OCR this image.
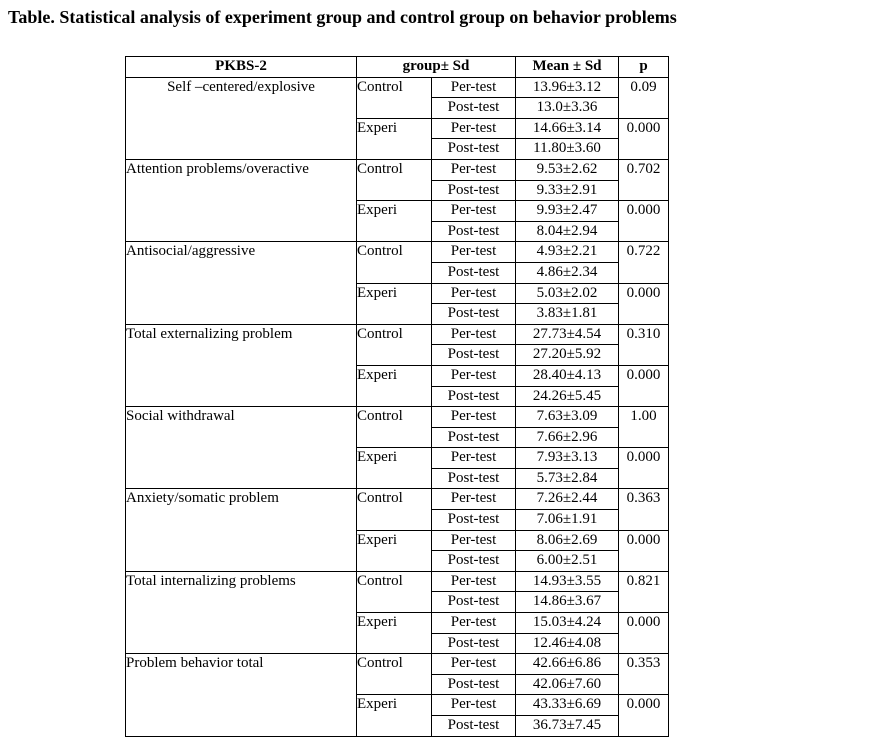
Table. Statistical analysis of experiment group and control group on behavior problems
PKBS-2	group± Sd		Mean ± Sd	p
Self –centered/explosive	Control	Per-test	13.96±3.12	0.09
		Post-test	13.0±3.36	
	Experi	Per-test	14.66±3.14	0.000
		Post-test	11.80±3.60	
Attention problems/overactive	Control	Per-test	9.53±2.62	0.702
		Post-test	9.33±2.91	
	Experi	Per-test	9.93±2.47	0.000
		Post-test	8.04±2.94	
Antisocial/aggressive	Control	Per-test	4.93±2.21	0.722
		Post-test	4.86±2.34	
	Experi	Per-test	5.03±2.02	0.000
		Post-test	3.83±1.81	
Total externalizing problem	Control	Per-test	27.73±4.54	0.310
		Post-test	27.20±5.92	
	Experi	Per-test	28.40±4.13	0.000
		Post-test	24.26±5.45	
Social withdrawal	Control	Per-test	7.63±3.09	1.00
		Post-test	7.66±2.96	
	Experi	Per-test	7.93±3.13	0.000
		Post-test	5.73±2.84	
Anxiety/somatic problem	Control	Per-test	7.26±2.44	0.363
		Post-test	7.06±1.91	
	Experi	Per-test	8.06±2.69	0.000
		Post-test	6.00±2.51	
Total internalizing problems	Control	Per-test	14.93±3.55	0.821
		Post-test	14.86±3.67	
	Experi	Per-test	15.03±4.24	0.000
		Post-test	12.46±4.08	
Problem behavior total	Control	Per-test	42.66±6.86	0.353
		Post-test	42.06±7.60	
	Experi	Per-test	43.33±6.69	0.000
		Post-test	36.73±7.45	
